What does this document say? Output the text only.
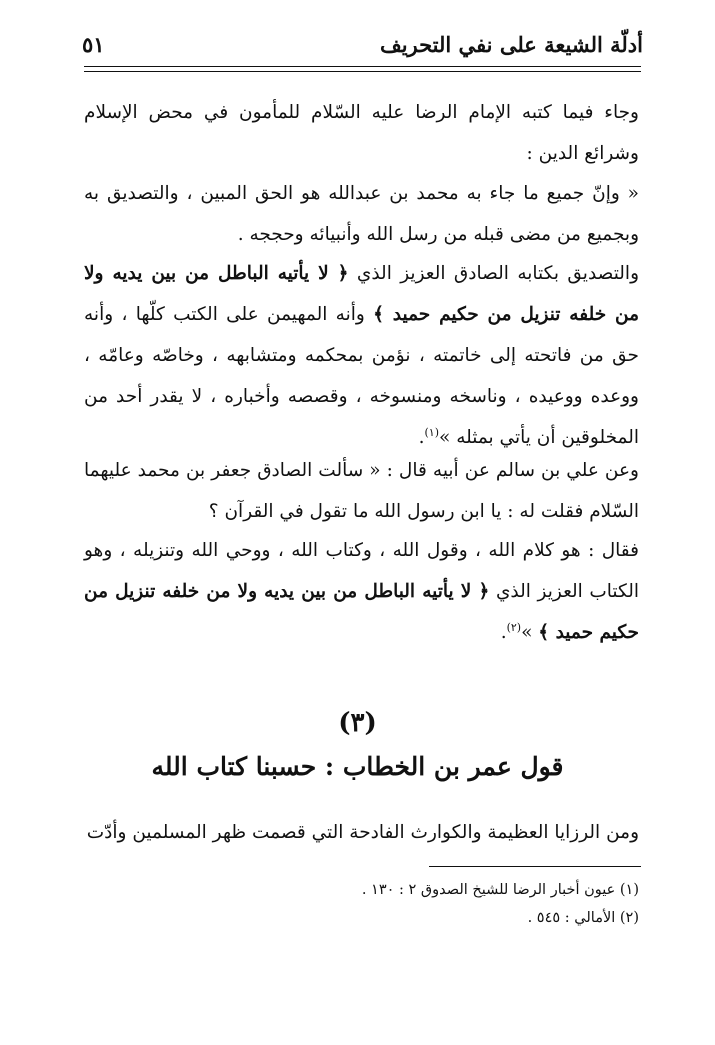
أدلّة الشيعة على نفي التحريف
٥١
وجاء فيما كتبه الإمام الرضا عليه السّلام للمأمون في محض الإسلام وشرائع الدين :
« وإنّ جميع ما جاء به محمد بن عبدالله هو الحق المبين ، والتصديق به وبجميع من مضى قبله من رسل الله وأنبيائه وحججه .
والتصديق بكتابه الصادق العزيز الذي ﴿ لا يأتيه الباطل من بين يديه ولا من خلفه تنزيل من حكيم حميد ﴾ وأنه المهيمن على الكتب كلّها ، وأنه حق من فاتحته إلى خاتمته ، نؤمن بمحكمه ومتشابهه ، وخاصّه وعامّه ، ووعده ووعيده ، وناسخه ومنسوخه ، وقصصه وأخباره ، لا يقدر أحد من المخلوقين أن يأتي بمثله »$^{(١)}$.
وعن علي بن سالم عن أبيه قال : « سألت الصادق جعفر بن محمد عليهما السّلام فقلت له : يا ابن رسول الله ما تقول في القرآن ؟
فقال : هو كلام الله ، وقول الله ، وكتاب الله ، ووحي الله وتنزيله ، وهو الكتاب العزيز الذي ﴿ لا يأتيه الباطل من بين يديه ولا من خلفه تنزيل من حكيم حميد ﴾ »$^{(٢)}$.
(٣)
قول عمر بن الخطاب : حسبنا كتاب الله
ومن الرزايا العظيمة والكوارث الفادحة التي قصمت ظهر المسلمين وأدّت
(١) عيون أخبار الرضا للشيخ الصدوق ٢ : ١٣٠ .
(٢) الأمالي : ٥٤٥ .
